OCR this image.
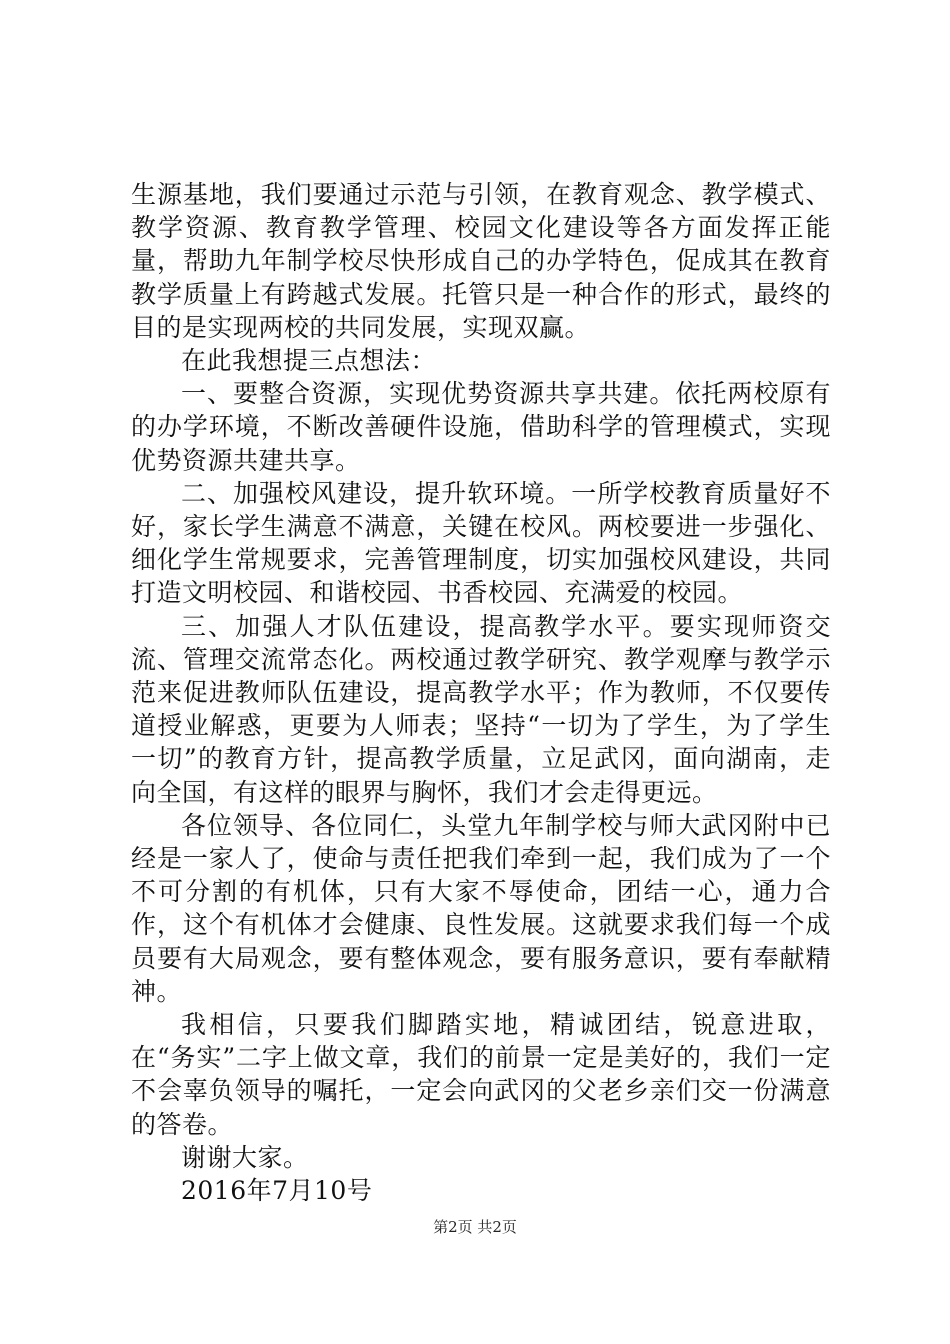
生源基地，我们要通过示范与引领，在教育观念、教学模式、教学资源、教育教学管理、校园文化建设等各方面发挥正能量，帮助九年制学校尽快形成自己的办学特色，促成其在教育教学质量上有跨越式发展。托管只是一种合作的形式，最终的目的是实现两校的共同发展，实现双赢。

在此我想提三点想法：

一、要整合资源，实现优势资源共享共建。依托两校原有的办学环境，不断改善硬件设施，借助科学的管理模式，实现优势资源共建共享。

二、加强校风建设，提升软环境。一所学校教育质量好不好，家长学生满意不满意，关键在校风。两校要进一步强化、细化学生常规要求，完善管理制度，切实加强校风建设，共同打造文明校园、和谐校园、书香校园、充满爱的校园。

三、加强人才队伍建设，提高教学水平。要实现师资交流、管理交流常态化。两校通过教学研究、教学观摩与教学示范来促进教师队伍建设，提高教学水平；作为教师，不仅要传道授业解惑，更要为人师表；坚持“一切为了学生，为了学生一切”的教育方针，提高教学质量，立足武冈，面向湖南，走向全国，有这样的眼界与胸怀，我们才会走得更远。

各位领导、各位同仁，头堂九年制学校与师大武冈附中已经是一家人了，使命与责任把我们牵到一起，我们成为了一个不可分割的有机体，只有大家不辱使命，团结一心，通力合作，这个有机体才会健康、良性发展。这就要求我们每一个成员要有大局观念，要有整体观念，要有服务意识，要有奉献精神。

我相信，只要我们脚踏实地，精诚团结，锐意进取，在“务实”二字上做文章，我们的前景一定是美好的，我们一定不会辜负领导的嘱托，一定会向武冈的父老乡亲们交一份满意的答卷。

谢谢大家。

2016年7月10号

第2页 共2页
